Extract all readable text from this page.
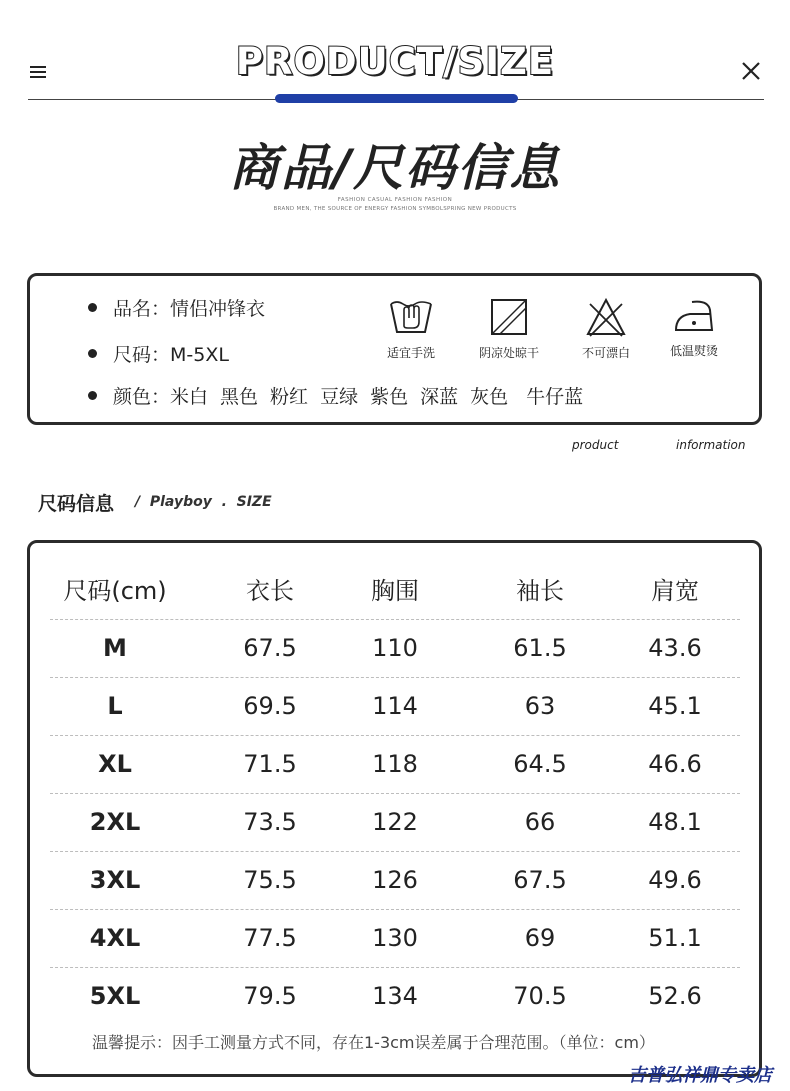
PRODUCT/SIZE
商品/尺码信息
FASHION CASUAL FASHION FASHION
BRAND MEN, THE SOURCE OF ENERGY FASHION SYMBOLSPRING NEW PRODUCTS
品名：情侣冲锋衣
尺码：M-5XL
颜色：米白 黑色 粉红 豆绿 紫色 深蓝 灰色 牛仔蓝
适宜手洗	阴凉处晾干	不可漂白	低温熨烫
product	information
尺码信息 /  Playboy  .  SIZE
尺码(cm)	衣长	胸围	袖长	肩宽
M	67.5	110	61.5	43.6
L	69.5	114	63	45.1
XL	71.5	118	64.5	46.6
2XL	73.5	122	66	48.1
3XL	75.5	126	67.5	49.6
4XL	77.5	130	69	51.1
5XL	79.5	134	70.5	52.6
温馨提示：因手工测量方式不同，存在1-3cm误差属于合理范围。（单位：cm）
吉普弘祥鼎专卖店
